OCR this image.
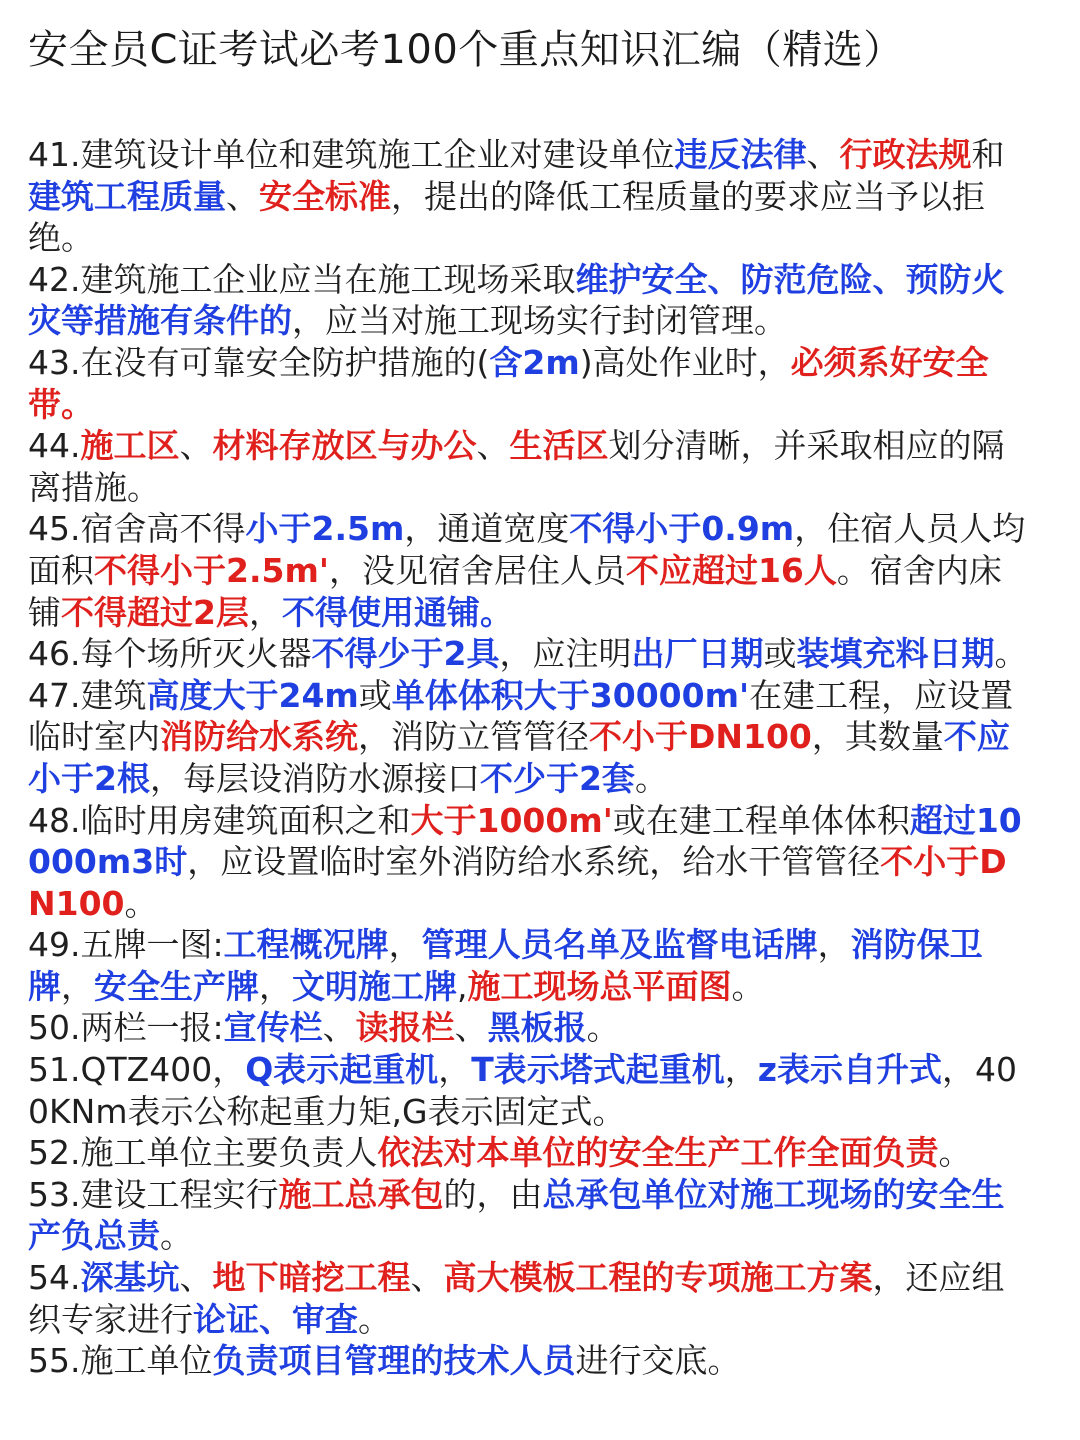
安全员C证考试必考100个重点知识汇编（精选）

41.建筑设计单位和建筑施工企业对建设单位违反法律、行政法规和建筑工程质量、安全标准，提出的降低工程质量的要求应当予以拒绝。

42.建筑施工企业应当在施工现场采取维护安全、防范危险、预防火灾等措施有条件的，应当对施工现场实行封闭管理。

43.在没有可靠安全防护措施的(含2m)高处作业时，必须系好安全带。

44.施工区、材料存放区与办公、生活区划分清晰，并采取相应的隔离措施。

45.宿舍高不得小于2.5m，通道宽度不得小于0.9m，住宿人员人均面积不得小于2.5m'，没见宿舍居住人员不应超过16人。宿舍内床铺不得超过2层，不得使用通铺。

46.每个场所灭火器不得少于2具，应注明出厂日期或装填充料日期。

47.建筑高度大于24m或单体体积大于30000m'在建工程，应设置临时室内消防给水系统，消防立管管径不小于DN100，其数量不应小于2根，每层设消防水源接口不少于2套。

48.临时用房建筑面积之和大于1000m'或在建工程单体体积超过10000m3时，应设置临时室外消防给水系统，给水干管管径不小于DN100。

49.五牌一图:工程概况牌，管理人员名单及监督电话牌，消防保卫牌，安全生产牌，文明施工牌,施工现场总平面图。

50.两栏一报:宣传栏、读报栏、黑板报。

51.QTZ400，Q表示起重机，T表示塔式起重机，z表示自升式，400KNm表示公称起重力矩,G表示固定式。

52.施工单位主要负责人依法对本单位的安全生产工作全面负责。

53.建设工程实行施工总承包的，由总承包单位对施工现场的安全生产负总责。

54.深基坑、地下暗挖工程、高大模板工程的专项施工方案，还应组织专家进行论证、审查。

55.施工单位负责项目管理的技术人员进行交底。
